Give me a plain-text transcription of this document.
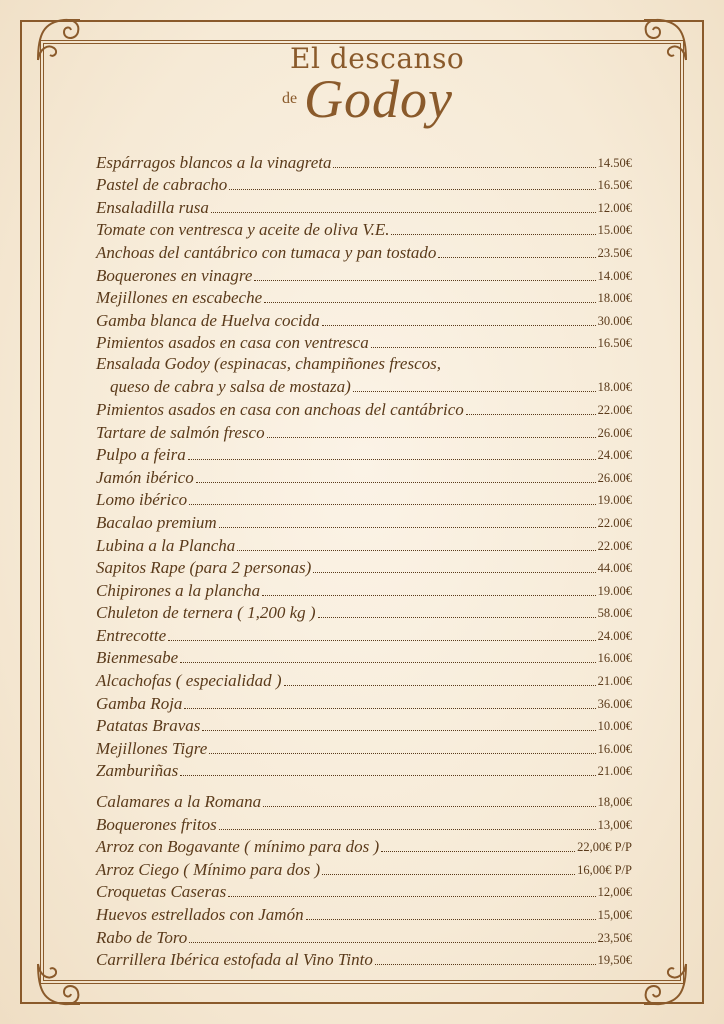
El descanso
de Godoy
Espárragos blancos a la vinagreta	14.50€
Pastel de cabracho	16.50€
Ensaladilla rusa	12.00€
Tomate con ventresca y aceite de oliva V.E.	15.00€
Anchoas del cantábrico con tumaca y pan tostado	23.50€
Boquerones en vinagre	14.00€
Mejillones en escabeche	18.00€
Gamba blanca de Huelva cocida	30.00€
Pimientos asados en casa con ventresca	16.50€
Ensalada Godoy (espinacas, champiñones frescos,
queso de cabra y salsa de mostaza)	18.00€
Pimientos asados en casa con anchoas del cantábrico	22.00€
Tartare de salmón fresco	26.00€
Pulpo a feira	24.00€
Jamón ibérico	26.00€
Lomo ibérico	19.00€
Bacalao premium	22.00€
Lubina a la Plancha	22.00€
Sapitos Rape (para 2 personas)	44.00€
Chipirones a la plancha	19.00€
Chuleton de ternera ( 1,200 kg )	58.00€
Entrecotte	24.00€
Bienmesabe	16.00€
Alcachofas ( especialidad )	21.00€
Gamba Roja	36.00€
Patatas Bravas	10.00€
Mejillones Tigre	16.00€
Zamburiñas	21.00€
Calamares a la Romana	18,00€
Boquerones fritos	13,00€
Arroz con Bogavante ( mínimo para dos )	22,00€ P/P
Arroz Ciego ( Mínimo para dos )	16,00€ P/P
Croquetas Caseras	12,00€
Huevos estrellados con Jamón	15,00€
Rabo de Toro	23,50€
Carrillera Ibérica estofada al Vino Tinto	19,50€
